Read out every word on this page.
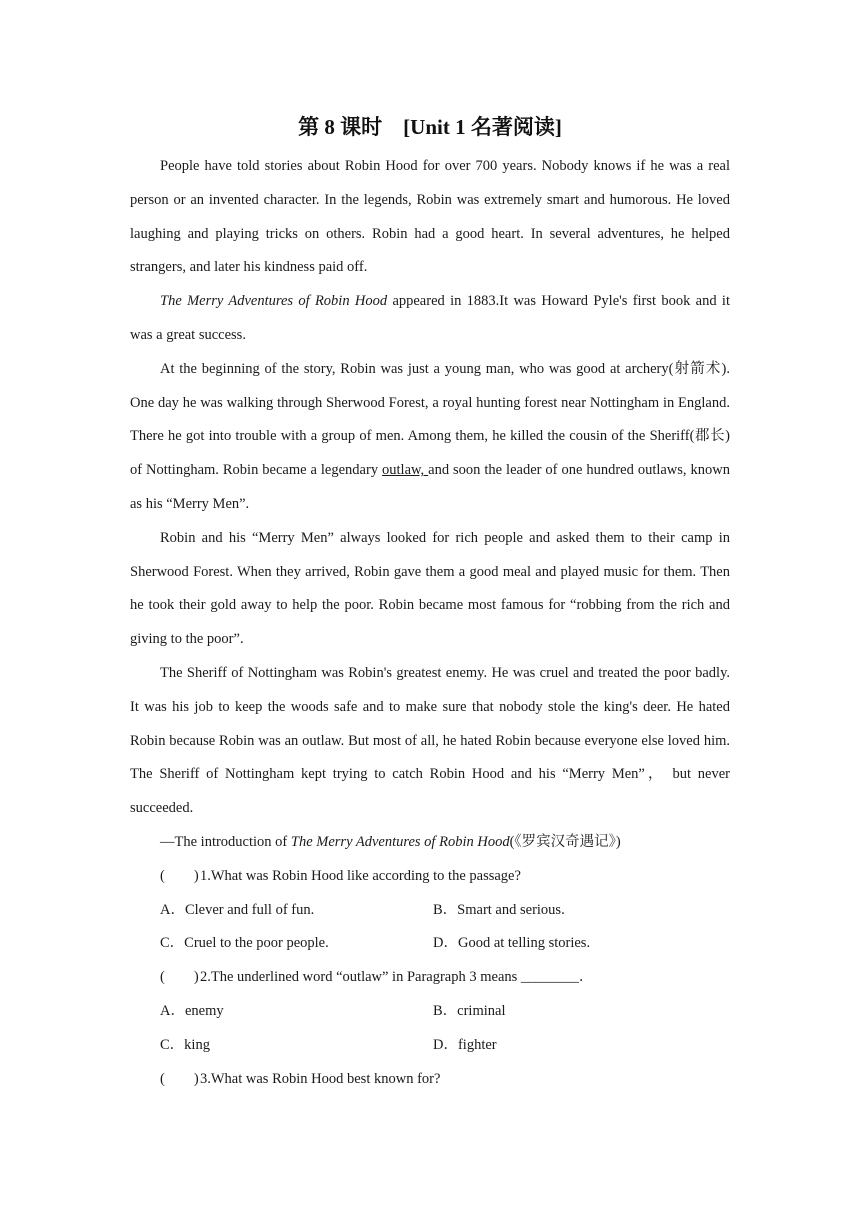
第 8 课时　[Unit 1 名著阅读]

People have told stories about Robin Hood for over 700 years. Nobody knows if he was a real person or an invented character. In the legends, Robin was extremely smart and humorous. He loved laughing and playing tricks on others. Robin had a good heart. In several adventures, he helped strangers, and later his kindness paid off.

The Merry Adventures of Robin Hood appeared in 1883.It was Howard Pyle's first book and it was a great success.

At the beginning of the story, Robin was just a young man, who was good at archery(射箭术). One day he was walking through Sherwood Forest, a royal hunting forest near Nottingham in England. There he got into trouble with a group of men. Among them, he killed the cousin of the Sheriff(郡长) of Nottingham. Robin became a legendary outlaw, and soon the leader of one hundred outlaws, known as his “Merry Men”.

Robin and his “Merry Men” always looked for rich people and asked them to their camp in Sherwood Forest. When they arrived, Robin gave them a good meal and played music for them. Then he took their gold away to help the poor. Robin became most famous for “robbing from the rich and giving to the poor”.

The Sheriff of Nottingham was Robin's greatest enemy. He was cruel and treated the poor badly. It was his job to keep the woods safe and to make sure that nobody stole the king's deer. He hated Robin because Robin was an outlaw. But most of all, he hated Robin because everyone else loved him. The Sheriff of Nottingham kept trying to catch Robin Hood and his “Merry Men”， but never succeeded.

—The introduction of The Merry Adventures of Robin Hood(《罗宾汉奇遇记》)

(　　)1.What was Robin Hood like according to the passage?
A．Clever and full of fun.	B．Smart and serious.
C．Cruel to the poor people.	D．Good at telling stories.
(　　)2.The underlined word “outlaw” in Paragraph 3 means ________．
A．enemy	B．criminal
C．king	D．fighter
(　　)3.What was Robin Hood best known for?
